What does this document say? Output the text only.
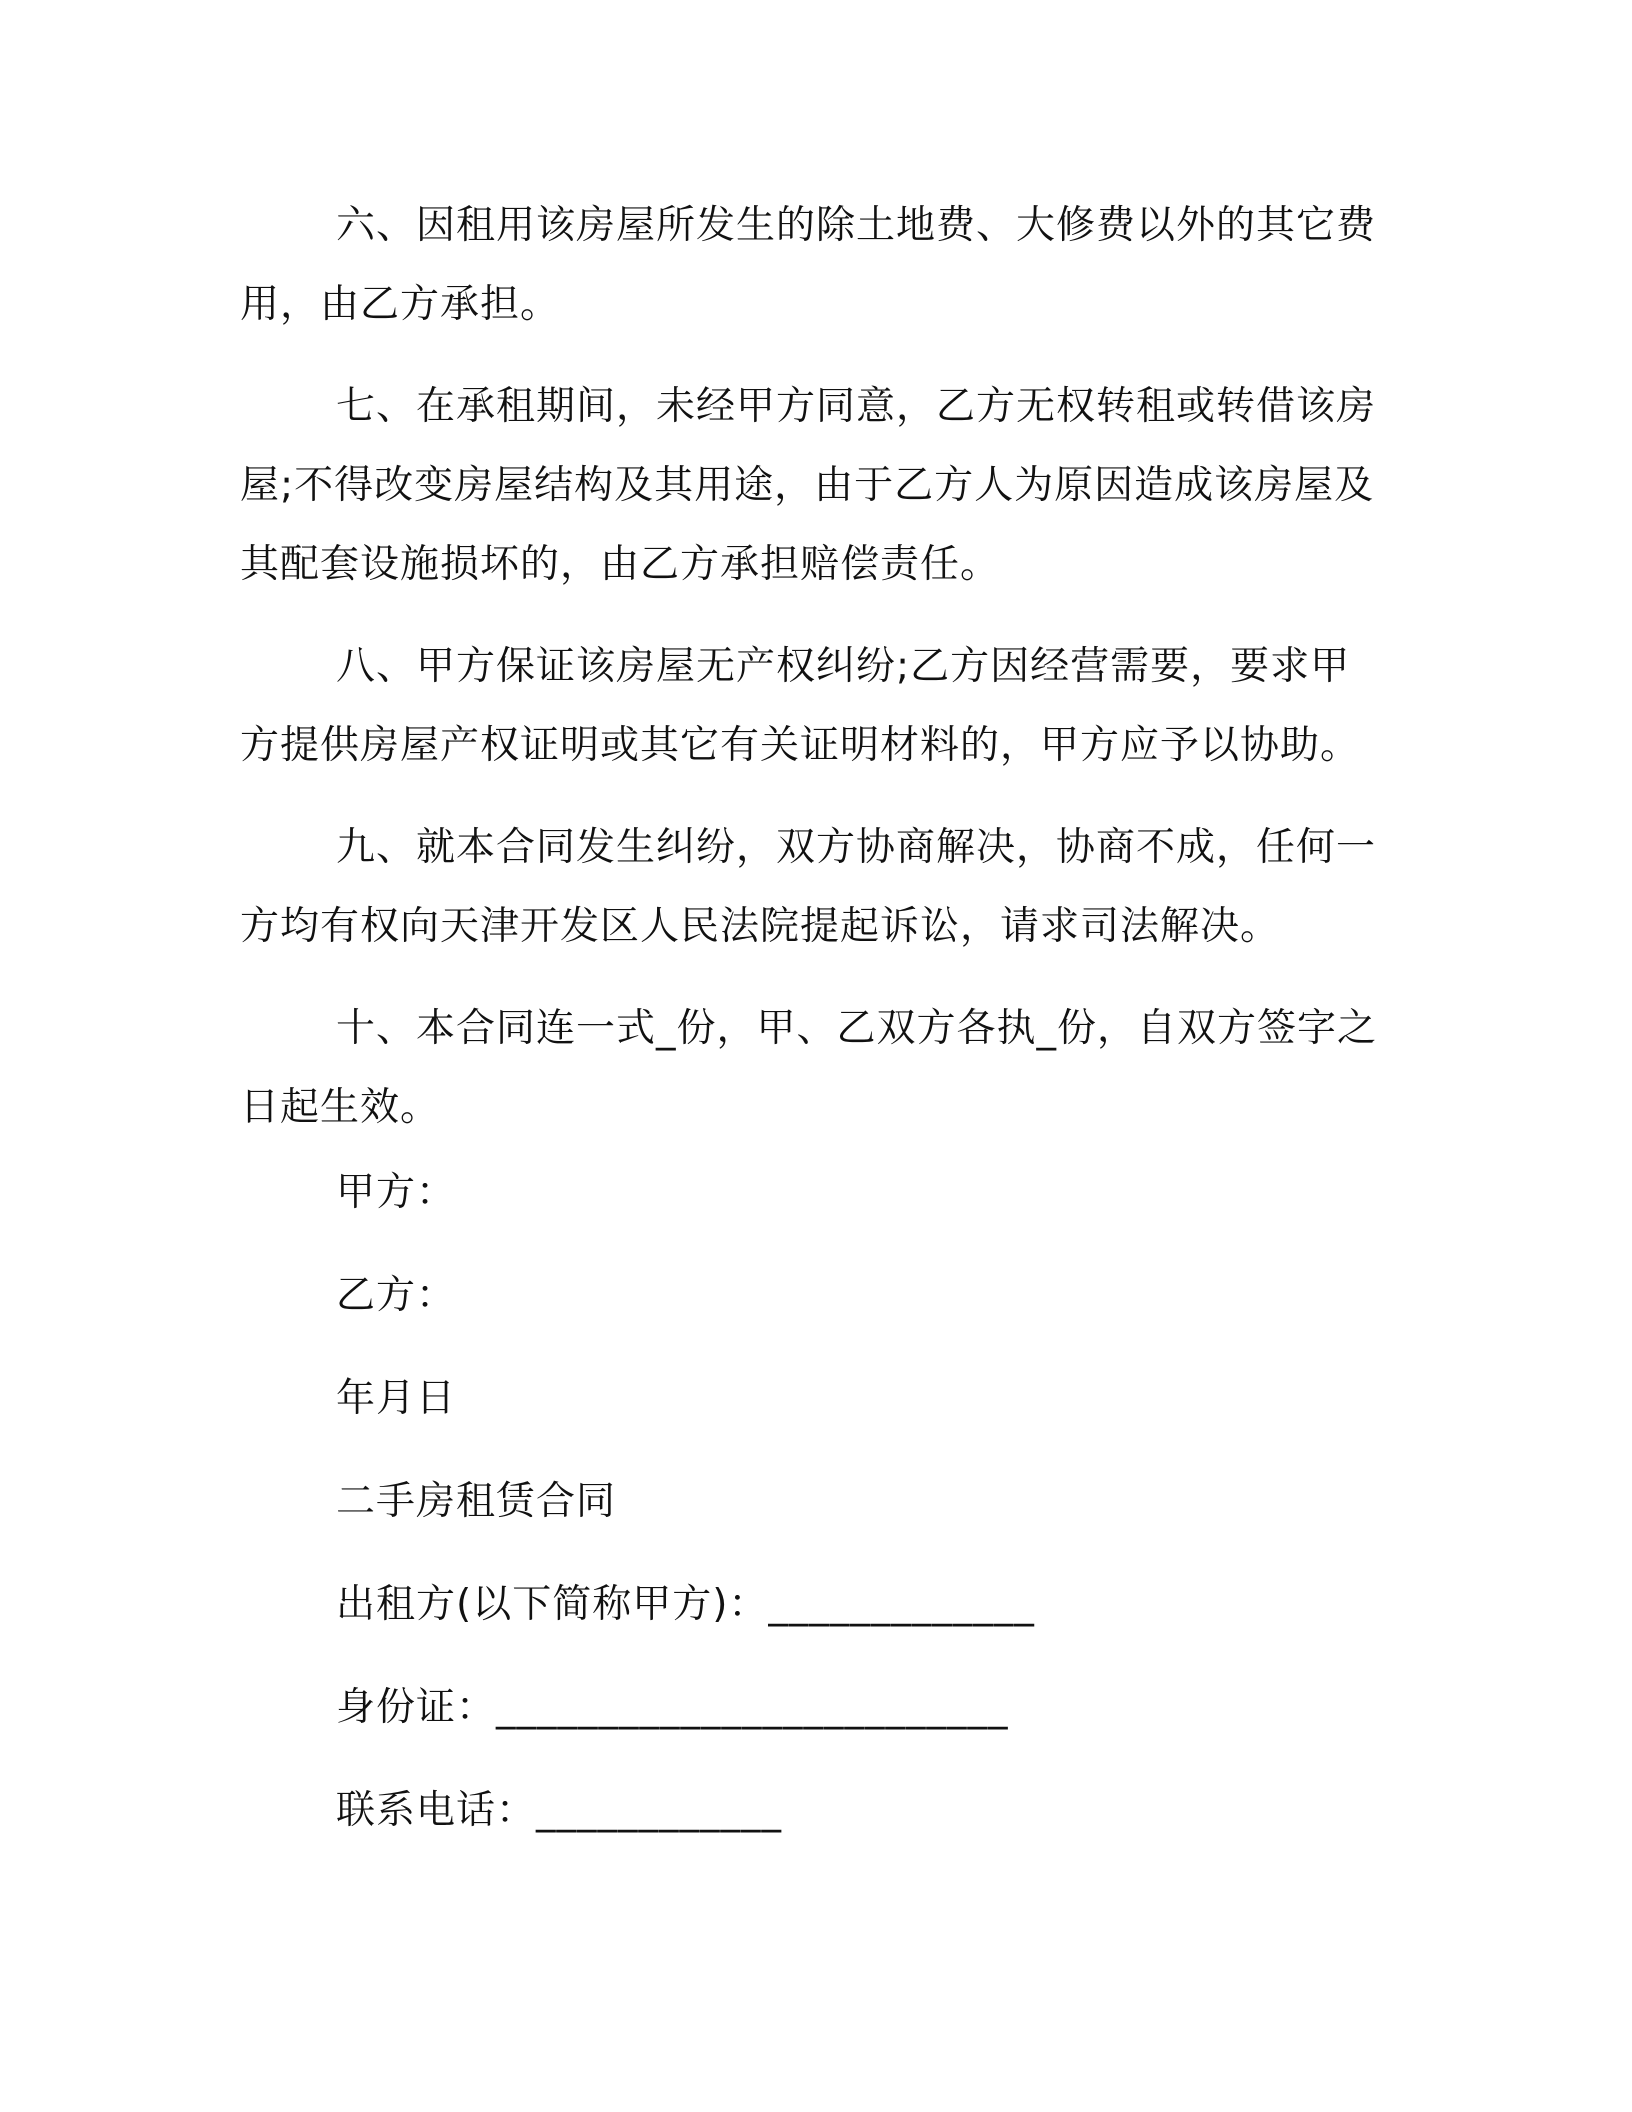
六、因租用该房屋所发生的除土地费、大修费以外的其它费用，由乙方承担。

七、在承租期间，未经甲方同意，乙方无权转租或转借该房屋;不得改变房屋结构及其用途，由于乙方人为原因造成该房屋及其配套设施损坏的，由乙方承担赔偿责任。

八、甲方保证该房屋无产权纠纷;乙方因经营需要，要求甲方提供房屋产权证明或其它有关证明材料的，甲方应予以协助。

九、就本合同发生纠纷，双方协商解决，协商不成，任何一方均有权向天津开发区人民法院提起诉讼，请求司法解决。

十、本合同连一式_份，甲、乙双方各执_份，自双方签字之日起生效。

甲方：
乙方：
年月日
二手房租赁合同
出租方(以下简称甲方)：_____________
身份证：_________________________
联系电话：____________
